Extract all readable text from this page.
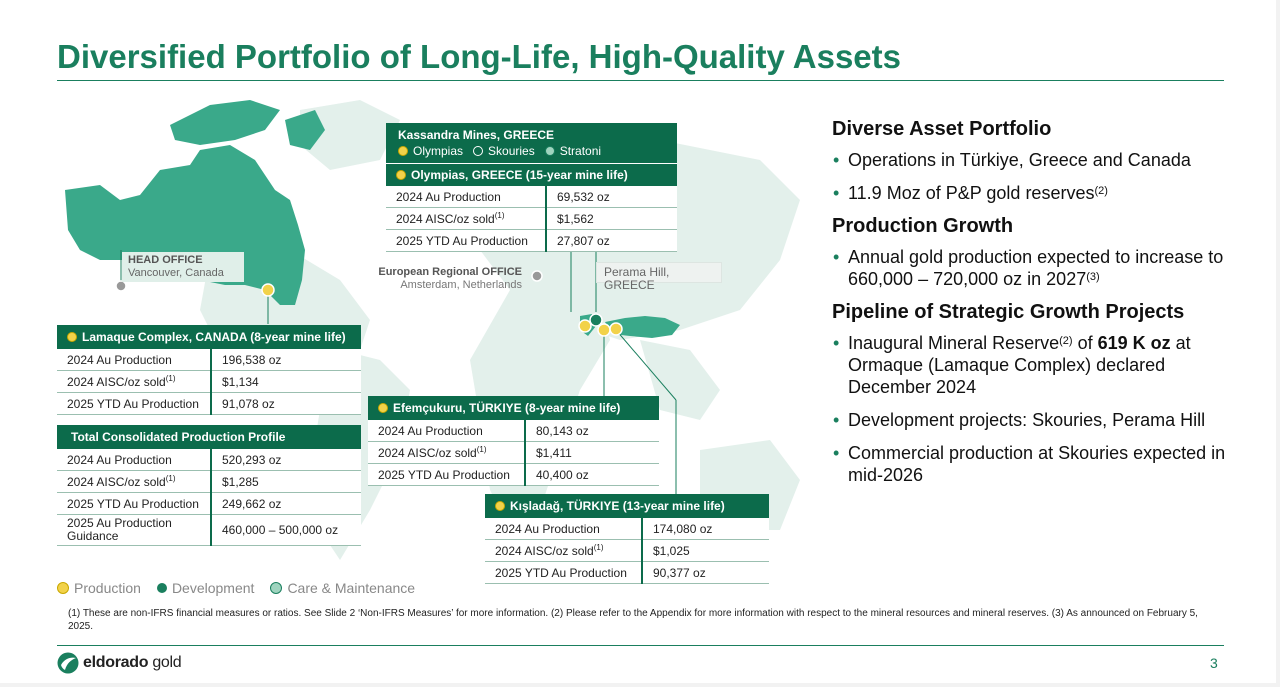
Diversified Portfolio of Long-Life, High-Quality Assets
HEAD OFFICE
Vancouver, Canada	European Regional OFFICE
Amsterdam, Netherlands
Perama Hill, GREECE
Kassandra Mines, GREECE
Olympias Skouries Stratoni
Olympias, GREECE (15-year mine life)
2024 Au Production	69,532 oz
2024 AISC/oz sold$^{(1)}$	$1,562
2025 YTD Au Production	27,807 oz
Lamaque Complex, CANADA (8-year mine life)
2024 Au Production	196,538 oz
2024 AISC/oz sold$^{(1)}$	$1,134
2025 YTD Au Production	91,078 oz
Total Consolidated Production Profile
2024 Au Production	520,293 oz
2024 AISC/oz sold$^{(1)}$	$1,285
2025 YTD Au Production	249,662 oz
2025 Au Production Guidance	460,000 – 500,000 oz
Efemçukuru, TÜRKIYE (8-year mine life)
2024 Au Production	80,143 oz
2024 AISC/oz sold$^{(1)}$	$1,411
2025 YTD Au Production	40,400 oz
Kışladağ, TÜRKIYE (13-year mine life)
2024 Au Production	174,080 oz
2024 AISC/oz sold$^{(1)}$	$1,025
2025 YTD Au Production	90,377 oz
Diverse Asset Portfolio
• Operations in Türkiye, Greece and Canada
• 11.9 Moz of P&P gold reserves$^{(2)}$
Production Growth
• Annual gold production expected to increase to 660,000 – 720,000 oz in 2027$^{(3)}$
Pipeline of Strategic Growth Projects
• Inaugural Mineral Reserve$^{(2)}$ of 619 K oz at Ormaque (Lamaque Complex) declared December 2024
• Development projects: Skouries, Perama Hill
• Commercial production at Skouries expected in mid-2026
Production Development Care & Maintenance
(1) These are non-IFRS financial measures or ratios. See Slide 2 ‘Non-IFRS Measures’ for more information. (2) Please refer to the Appendix for more information with respect to the mineral resources and mineral reserves. (3) As announced on February 5, 2025.
eldorado gold	3
